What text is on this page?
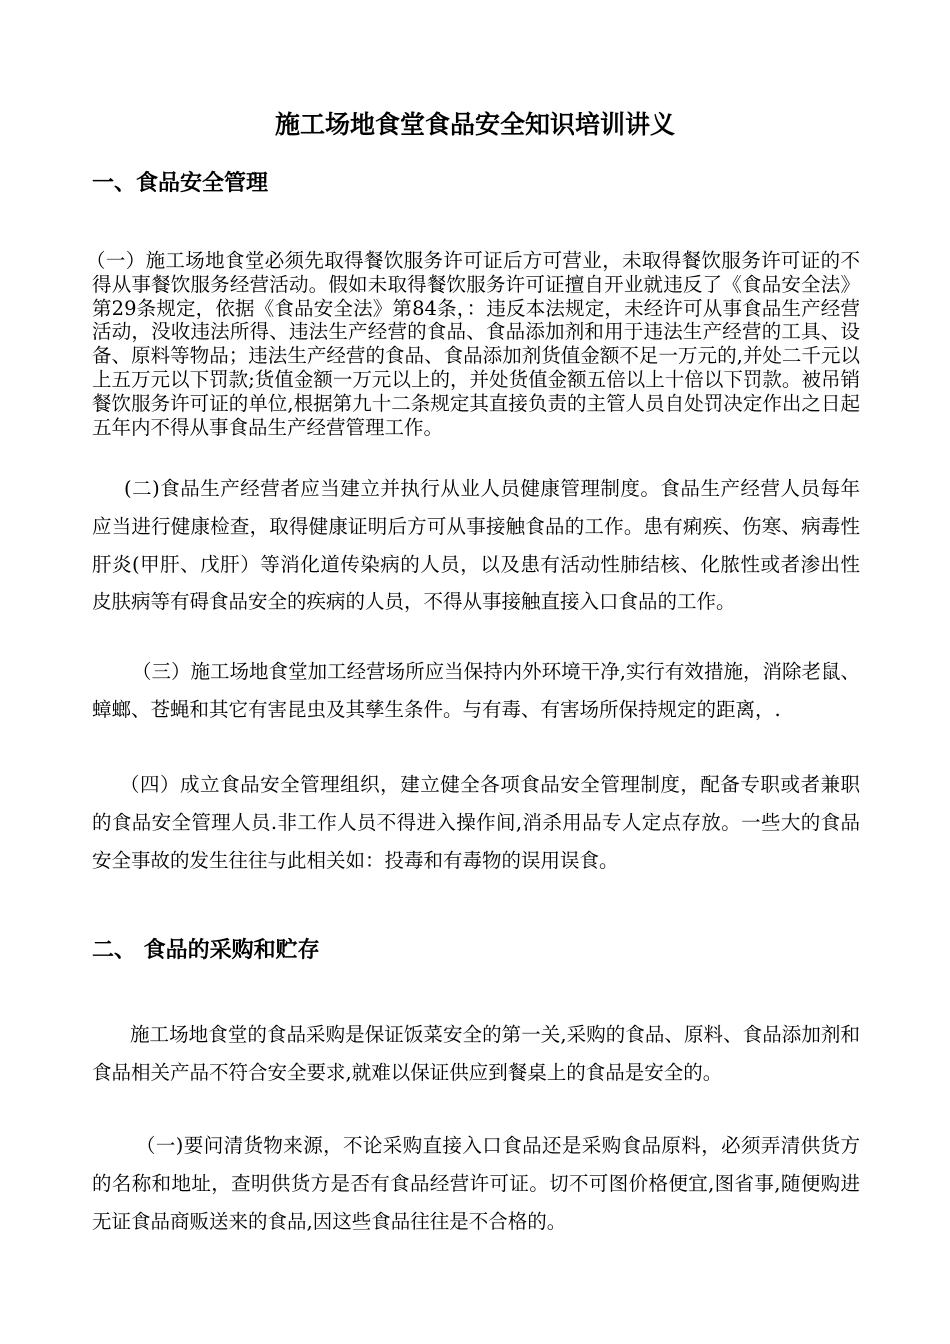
施工场地食堂食品安全知识培训讲义
一、食品安全管理

（一）施工场地食堂必须先取得餐饮服务许可证后方可营业，未取得餐饮服务许可证的不得从事餐饮服务经营活动。假如未取得餐饮服务许可证擅自开业就违反了《食品安全法》第29条规定，依据《食品安全法》第84条，：违反本法规定，未经许可从事食品生产经营活动，没收违法所得、违法生产经营的食品、食品添加剂和用于违法生产经营的工具、设备、原料等物品；违法生产经营的食品、食品添加剂货值金额不足一万元的,并处二千元以上五万元以下罚款;货值金额一万元以上的，并处货值金额五倍以上十倍以下罚款。被吊销餐饮服务许可证的单位,根据第九十二条规定其直接负责的主管人员自处罚决定作出之日起五年内不得从事食品生产经营管理工作。

(二)食品生产经营者应当建立并执行从业人员健康管理制度。食品生产经营人员每年应当进行健康检查，取得健康证明后方可从事接触食品的工作。患有痢疾、伤寒、病毒性肝炎(甲肝、戊肝）等消化道传染病的人员，以及患有活动性肺结核、化脓性或者渗出性皮肤病等有碍食品安全的疾病的人员，不得从事接触直接入口食品的工作。

（三）施工场地食堂加工经营场所应当保持内外环境干净,实行有效措施，消除老鼠、蟑螂、苍蝇和其它有害昆虫及其孳生条件。与有毒、有害场所保持规定的距离，.

（四）成立食品安全管理组织，建立健全各项食品安全管理制度，配备专职或者兼职的食品安全管理人员.非工作人员不得进入操作间,消杀用品专人定点存放。一些大的食品安全事故的发生往往与此相关如：投毒和有毒物的误用误食。

二、 食品的采购和贮存

施工场地食堂的食品采购是保证饭菜安全的第一关,采购的食品、原料、食品添加剂和食品相关产品不符合安全要求,就难以保证供应到餐桌上的食品是安全的。

（一)要问清货物来源，不论采购直接入口食品还是采购食品原料，必须弄清供货方的名称和地址，查明供货方是否有食品经营许可证。切不可图价格便宜,图省事,随便购进无证食品商贩送来的食品,因这些食品往往是不合格的。
